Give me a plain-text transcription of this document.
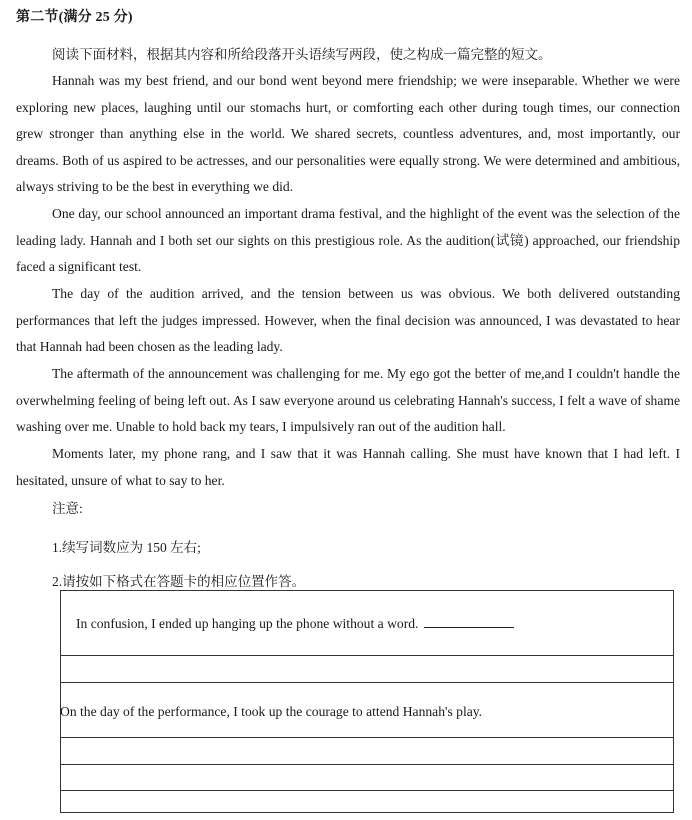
第二节(满分 25 分)
阅读下面材料，根据其内容和所给段落开头语续写两段，使之构成一篇完整的短文。

Hannah was my best friend, and our bond went beyond mere friendship; we were inseparable. Whether we were exploring new places, laughing until our stomachs hurt, or comforting each other during tough times, our connection grew stronger than anything else in the world. We shared secrets, countless adventures, and, most importantly, our dreams. Both of us aspired to be actresses, and our personalities were equally strong. We were determined and ambitious, always striving to be the best in everything we did.

One day, our school announced an important drama festival, and the highlight of the event was the selection of the leading lady. Hannah and I both set our sights on this prestigious role. As the audition(试镜) approached, our friendship faced a significant test.

The day of the audition arrived, and the tension between us was obvious. We both delivered outstanding performances that left the judges impressed. However, when the final decision was announced, I was devastated to hear that Hannah had been chosen as the leading lady.

The aftermath of the announcement was challenging for me. My ego got the better of me,and I couldn't handle the overwhelming feeling of being left out. As I saw everyone around us celebrating Hannah's success, I felt a wave of shame washing over me. Unable to hold back my tears, I impulsively ran out of the audition hall.

Moments later, my phone rang, and I saw that it was Hannah calling. She must have known that I had left. I hesitated, unsure of what to say to her.

注意:
1.续写词数应为 150 左右;
2.请按如下格式在答题卡的相应位置作答。
In confusion, I ended up hanging up the phone without a word.
On the day of the performance, I took up the courage to attend Hannah's play.
